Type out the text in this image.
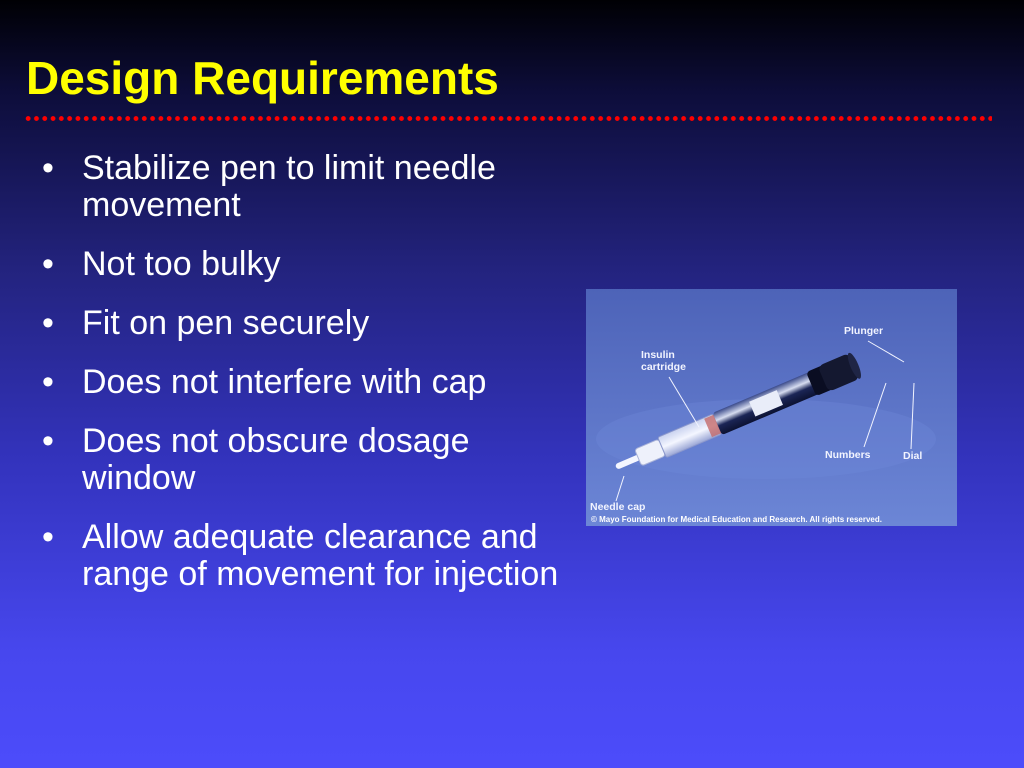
Design Requirements
• Stabilize pen to limit needle movement
• Not too bulky
• Fit on pen securely
• Does not interfere with cap
• Does not obscure dosage window
• Allow adequate clearance and range of movement for injection
Plunger
Insulin
cartridge
Numbers	Dial
Needle cap
© Mayo Foundation for Medical Education and Research. All rights reserved.
